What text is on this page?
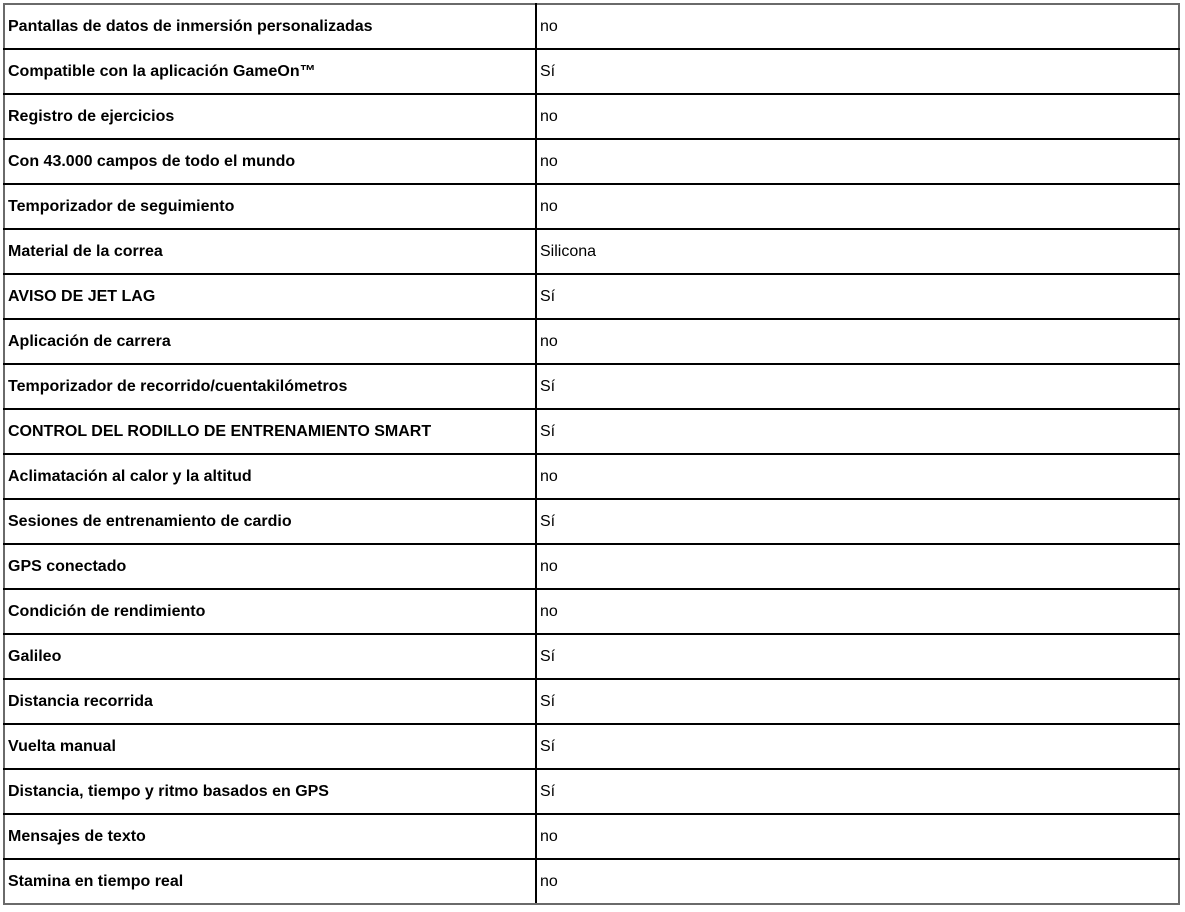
Pantallas de datos de inmersión personalizadas	no
Compatible con la aplicación GameOn™	Sí
Registro de ejercicios	no
Con 43.000 campos de todo el mundo	no
Temporizador de seguimiento	no
Material de la correa	Silicona
AVISO DE JET LAG	Sí
Aplicación de carrera	no
Temporizador de recorrido/cuentakilómetros	Sí
CONTROL DEL RODILLO DE ENTRENAMIENTO SMART	Sí
Aclimatación al calor y la altitud	no
Sesiones de entrenamiento de cardio	Sí
GPS conectado	no
Condición de rendimiento	no
Galileo	Sí
Distancia recorrida	Sí
Vuelta manual	Sí
Distancia, tiempo y ritmo basados en GPS	Sí
Mensajes de texto	no
Stamina en tiempo real	no
